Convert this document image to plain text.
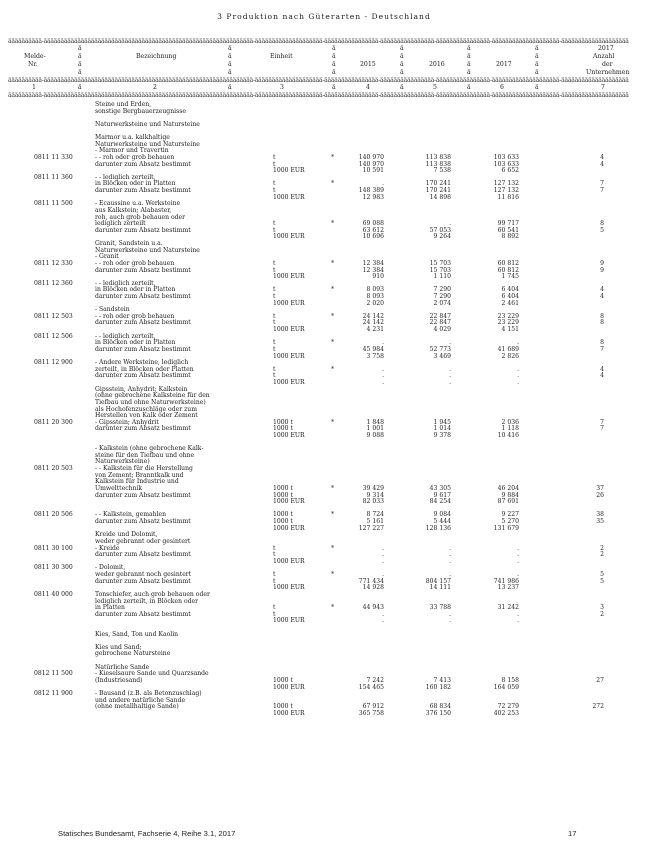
3 Produktion nach Güterarten - Deutschland
ääääääääää‐ääääääääääääääääääääääääääääääääääääääääääääääääääääääääääääää‐ääääääääääääääääääää‐ääääääääääääääää‐ääääääääääääääää‐ääääääääääääääää‐ääääääääääääääääääää‐ääääääääääääääääääää
ä	ä	ä	ä	ä	ä	2017
Melde-	ä	Bezeichnung	ä	Einheit	ä	ä	ä	ä	Anzahl
Nr.	ä	ä	ä	2015	ä	2016	ä	2017	ä	der
ä	ä	ä	ä	ä	ä	Unternehmen
ääääääääää‐ääääääääääääääääääääääääääääääääääääääääääääääääääääääääääääää‐ääääääääääääääääääää‐ääääääääääääääää‐ääääääääääääääää‐ääääääääääääääää‐ääääääääääääääääääää‐ääääääääääääääääääää
1	ä	2	ä	3	ä	4	ä	5	ä	6	ä	7
ääääääääää‐ääääääääääääääääääääääääääääääääääääääääääääääääääääääääääääää‐ääääääääääääääääääää‐ääääääääääääääää‐ääääääääääääääää‐ääääääääääääääää‐ääääääääääääääääääää‐ääääääääääääääääääää
Steine und Erden,
sonstige Bergbauerzeugnisse
Naturwerksteine und Natursteine
Marmor u.a. kalkhaltige
Naturwerksteine und Natursteine
- Marmor und Travertin
0811 11 330	- - roh oder grob behauen	t	*	140 970	113 838	103 633	4
darunter zum Absatz bestimmt	t	140 970	113 838	103 633	4
1000 EUR	10 591	7 538	6 652
0811 11 360	- - lediglich zerteilt,
in Blöcken oder in Platten	t	*	.	170 241	127 132	7
darunter zum Absatz bestimmt	t	148 389	170 241	127 132	7
1000 EUR	12 983	14 898	11 816
0811 11 500	- Ecaussine u.a. Werksteine
aus Kalkstein; Alabaster,
roh, auch grob behauen oder
lediglich zerteilt	t	*	69 088	.	99 717	8
darunter zum Absatz bestimmt	t	63 612	57 053	60 541	5
1000 EUR	10 696	9 264	8 892
Granit, Sandstein u.a.
Naturwerksteine und Natursteine
- Granit
0811 12 330	- - roh oder grob behauen	t	*	12 384	15 703	60 812	9
darunter zum Absatz bestimmt	t	12 384	15 703	60 812	9
1000 EUR	910	1 110	1 745
0811 12 360	- - lediglich zerteilt,
in Blöcken oder in Platten	t	*	8 093	7 290	6 404	4
darunter zum Absatz bestimmt	t	8 093	7 290	6 404	4
1000 EUR	2 020	2 074	2 461
- Sandstein
0811 12 503	- - roh oder grob behauen	t	*	24 142	22 847	23 229	8
darunter zum Absatz bestimmt	t	24 142	22 847	23 229	8
1000 EUR	4 231	4 029	4 151
0811 12 506	- - lediglich zerteilt,
in Blöcken oder in Platten	t	*	.	.	.	8
darunter zum Absatz bestimmt	t	45 984	52 773	41 689	7
1000 EUR	3 758	3 469	2 826
0811 12 900	- Andere Werksteine, lediglich
zerteilt, in Blöcken oder Platten	t	*	.	.	.	4
darunter zum Absatz bestimmt	t	.	.	.	4
1000 EUR	.	.	.
Gipsstein, Anhydrit; Kalkstein
(ohne gebrochene Kalksteine für den
Tiefbau und ohne Naturwerksteine)
als Hochofenzuschläge oder zum
Herstellen von Kalk oder Zement
0811 20 300	- Gipsstein; Anhydrit	1000 t	*	1 848	1 945	2 036	7
darunter zum Absatz bestimmt	1000 t	1 001	1 014	1 118	7
1000 EUR	9 088	9 378	10 416
- Kalkstein (ohne gebrochene Kalk-
steine für den Tiefbau und ohne
Naturwerksteine)
0811 20 503	- - Kalkstein für die Herstellung
von Zement; Branntkalk und
Kalkstein für Industrie und
Umwelttechnik	1000 t	*	39 429	43 305	46 204	37
darunter zum Absatz bestimmt	1000 t	9 314	9 617	9 884	26
1000 EUR	82 033	84 254	87 691
0811 20 506	- - Kalkstein, gemahlen	1000 t	*	8 724	9 084	9 227	38
darunter zum Absatz bestimmt	1000 t	5 161	5 444	5 270	35
1000 EUR	127 227	128 136	131 679
Kreide und Dolomit,
weder gebrannt oder gesintert
0811 30 100	- Kreide	t	*	.	.	.	2
darunter zum Absatz bestimmt	t	.	.	.	2
1000 EUR	.	.	.
0811 30 300	- Dolomit,
weder gebrannt noch gesintert	t	*	.	.	.	5
darunter zum Absatz bestimmt	t	771 434	804 157	741 986	5
1000 EUR	14 928	14 111	13 237
0811 40 000	Tonschiefer, auch grob behauen oder
lediglich zerteilt, in Blöcken oder
in Platten	t	*	44 943	33 788	31 242	3
darunter zum Absatz bestimmt	t	.	.	.	2
1000 EUR	.	.	.
Kies, Sand, Ton und Kaolin
Kies und Sand;
gebrochene Natursteine
Natürliche Sande
0812 11 500	- Kieselsaure Sande und Quarzsande
(Industriesand)	1000 t	7 242	7 413	8 158	27
1000 EUR	154 465	160 182	164 059
0812 11 900	- Bausand (z.B. als Betonzuschlag)
und andere natürliche Sande
(ohne metallhaltige Sande)	1000 t	67 912	68 834	72 279	272
1000 EUR	365 758	376 150	402 253
Statisches Bundesamt, Fachserie 4, Reihe 3.1, 2017	17
